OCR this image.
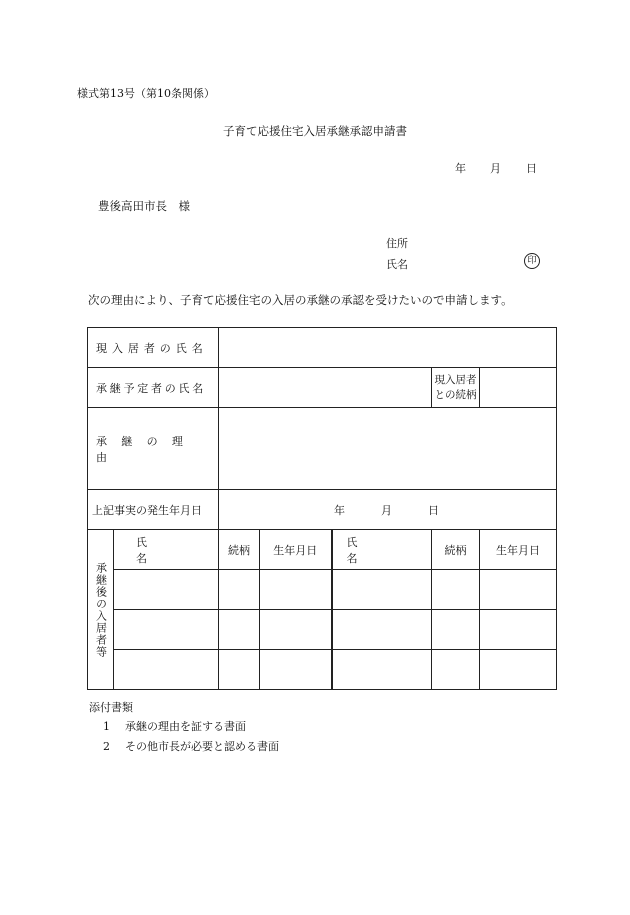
様式第13号（第10条関係）
子育て応援住宅入居承継承認申請書
年 月 日
豊後高田市長　様
住所
氏名	印
次の理由により、子育て応援住宅の入居の承継の承認を受けたいので申請します。
現入居者の氏名						
承継予定者の氏名					現入居者
との続柄	

承継の理由						
上記事実の発生年月日		年 月 日				

承継後の入居者等	氏名	続柄	生年月日	氏名	続柄	生年月日

添付書類
1 承継の理由を証する書面
2 その他市長が必要と認める書面
